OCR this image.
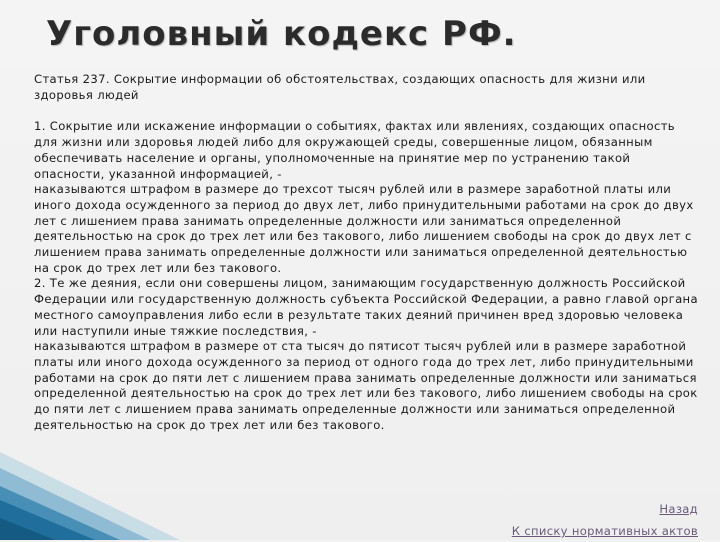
Уголовный кодекс РФ.

Статья 237. Сокрытие информации об обстоятельствах, создающих опасность для жизни или здоровья людей

1. Сокрытие или искажение информации о событиях, фактах или явлениях, создающих опасность для жизни или здоровья людей либо для окружающей среды, совершенные лицом, обязанным обеспечивать население и органы, уполномоченные на принятие мер по устранению такой опасности, указанной информацией, -

наказываются штрафом в размере до трехсот тысяч рублей или в размере заработной платы или иного дохода осужденного за период до двух лет, либо принудительными работами на срок до двух лет с лишением права занимать определенные должности или заниматься определенной деятельностью на срок до трех лет или без такового, либо лишением свободы на срок до двух лет с лишением права занимать определенные должности или заниматься определенной деятельностью на срок до трех лет или без такового.

2. Те же деяния, если они совершены лицом, занимающим государственную должность Российской Федерации или государственную должность субъекта Российской Федерации, а равно главой органа местного самоуправления либо если в результате таких деяний причинен вред здоровью человека или наступили иные тяжкие последствия, -

наказываются штрафом в размере от ста тысяч до пятисот тысяч рублей или в размере заработной платы или иного дохода осужденного за период от одного года до трех лет, либо принудительными работами на срок до пяти лет с лишением права занимать определенные должности или заниматься определенной деятельностью на срок до трех лет или без такового, либо лишением свободы на срок до пяти лет с лишением права занимать определенные должности или заниматься определенной деятельностью на срок до трех лет или без такового.

Назад
К списку нормативных актов
